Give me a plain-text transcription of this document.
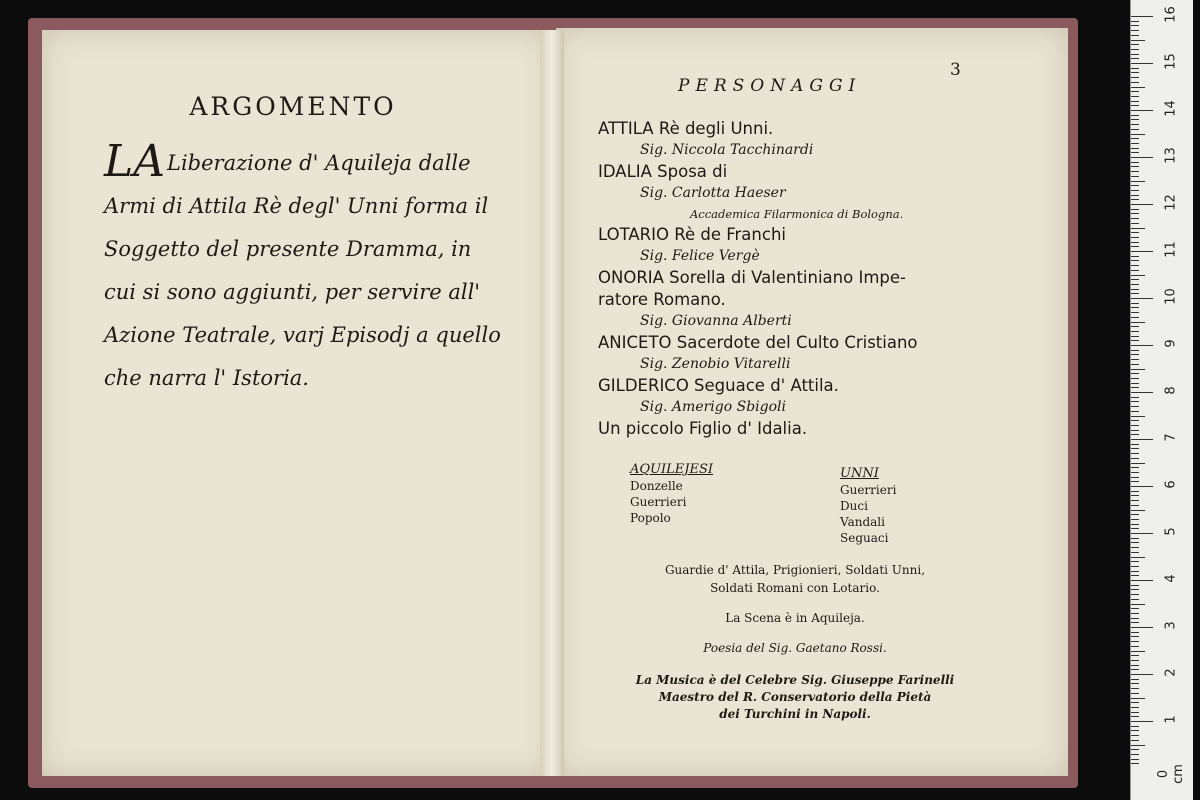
ARGOMENTO
LA Liberazione d' Aquileja dalle Armi di Attila Rè degl' Unni forma il Soggetto del presente Dramma, in cui si sono aggiunti, per servire all' Azione Teatrale, varj Episodj a quello che narra l' Istoria.
3
PERSONAGGI
ATTILA Rè degli Unni.
Sig. Niccola Tacchinardi
IDALIA Sposa di
Sig. Carlotta Haeser
Accademica Filarmonica di Bologna.
LOTARIO Rè de Franchi
Sig. Felice Vergè
ONORIA Sorella di Valentiniano Impe-
ratore Romano.
Sig. Giovanna Alberti
ANICETO Sacerdote del Culto Cristiano
Sig. Zenobio Vitarelli
GILDERICO Seguace d' Attila.
Sig. Amerigo Sbigoli
Un piccolo Figlio d' Idalia.
AQUILEJESI
Donzelle
Guerrieri
Popolo
UNNI
Guerrieri
Duci
Vandali
Seguaci
Guardie d' Attila, Prigionieri, Soldati Unni,
Soldati Romani con Lotario.
La Scena è in Aquileja.
Poesia del Sig. Gaetano Rossi.
La Musica è del Celebre Sig. Giuseppe Farinelli
Maestro del R. Conservatorio della Pietà
dei Turchini in Napoli.
16
15
14
13
12
11
10
9
8
7
6
5
4
3
2
1
0 cm
